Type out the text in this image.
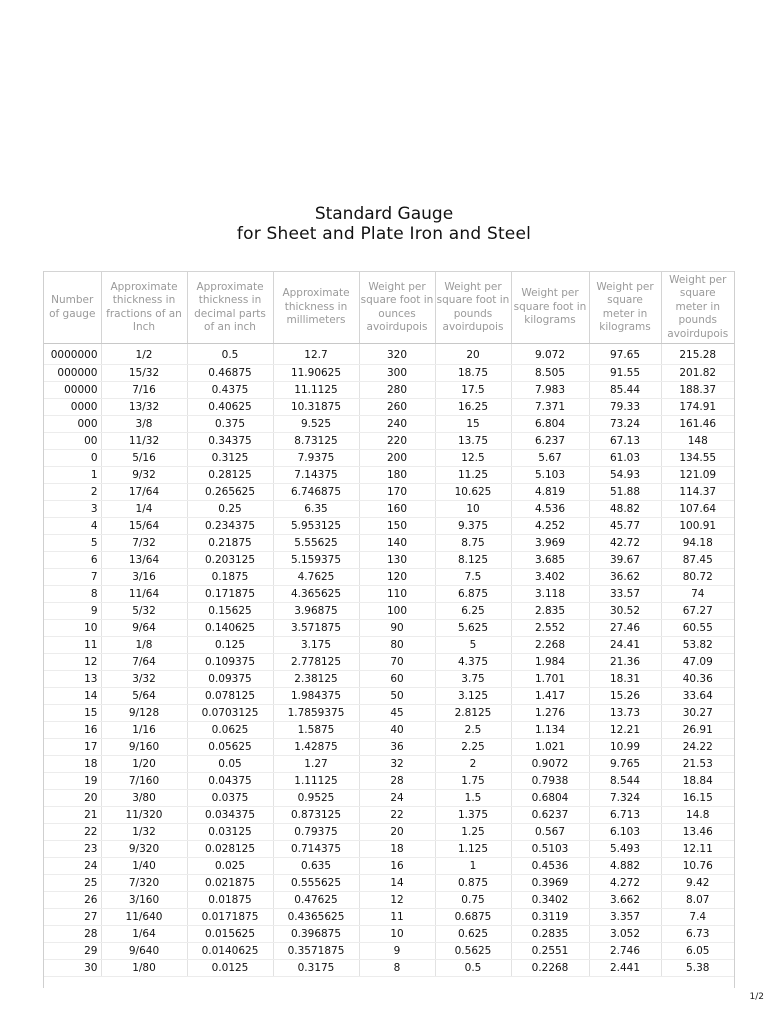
Standard Gauge
for Sheet and Plate Iron and Steel
Number of gauge	Approximate thickness in fractions of an Inch	Approximate thickness in decimal parts of an inch	Approximate thickness in millimeters	Weight per square foot in ounces avoirdupois	Weight per square foot in pounds avoirdupois	Weight per square foot in kilograms	Weight per square meter in kilograms	Weight per square meter in pounds avoirdupois
0000000	1/2	0.5	12.7	320	20	9.072	97.65	215.28
000000	15/32	0.46875	11.90625	300	18.75	8.505	91.55	201.82
00000	7/16	0.4375	11.1125	280	17.5	7.983	85.44	188.37
0000	13/32	0.40625	10.31875	260	16.25	7.371	79.33	174.91
000	3/8	0.375	9.525	240	15	6.804	73.24	161.46
00	11/32	0.34375	8.73125	220	13.75	6.237	67.13	148
0	5/16	0.3125	7.9375	200	12.5	5.67	61.03	134.55
1	9/32	0.28125	7.14375	180	11.25	5.103	54.93	121.09
2	17/64	0.265625	6.746875	170	10.625	4.819	51.88	114.37
3	1/4	0.25	6.35	160	10	4.536	48.82	107.64
4	15/64	0.234375	5.953125	150	9.375	4.252	45.77	100.91
5	7/32	0.21875	5.55625	140	8.75	3.969	42.72	94.18
6	13/64	0.203125	5.159375	130	8.125	3.685	39.67	87.45
7	3/16	0.1875	4.7625	120	7.5	3.402	36.62	80.72
8	11/64	0.171875	4.365625	110	6.875	3.118	33.57	74
9	5/32	0.15625	3.96875	100	6.25	2.835	30.52	67.27
10	9/64	0.140625	3.571875	90	5.625	2.552	27.46	60.55
11	1/8	0.125	3.175	80	5	2.268	24.41	53.82
12	7/64	0.109375	2.778125	70	4.375	1.984	21.36	47.09
13	3/32	0.09375	2.38125	60	3.75	1.701	18.31	40.36
14	5/64	0.078125	1.984375	50	3.125	1.417	15.26	33.64
15	9/128	0.0703125	1.7859375	45	2.8125	1.276	13.73	30.27
16	1/16	0.0625	1.5875	40	2.5	1.134	12.21	26.91
17	9/160	0.05625	1.42875	36	2.25	1.021	10.99	24.22
18	1/20	0.05	1.27	32	2	0.9072	9.765	21.53
19	7/160	0.04375	1.11125	28	1.75	0.7938	8.544	18.84
20	3/80	0.0375	0.9525	24	1.5	0.6804	7.324	16.15
21	11/320	0.034375	0.873125	22	1.375	0.6237	6.713	14.8
22	1/32	0.03125	0.79375	20	1.25	0.567	6.103	13.46
23	9/320	0.028125	0.714375	18	1.125	0.5103	5.493	12.11
24	1/40	0.025	0.635	16	1	0.4536	4.882	10.76
25	7/320	0.021875	0.555625	14	0.875	0.3969	4.272	9.42
26	3/160	0.01875	0.47625	12	0.75	0.3402	3.662	8.07
27	11/640	0.0171875	0.4365625	11	0.6875	0.3119	3.357	7.4
28	1/64	0.015625	0.396875	10	0.625	0.2835	3.052	6.73
29	9/640	0.0140625	0.3571875	9	0.5625	0.2551	2.746	6.05
30	1/80	0.0125	0.3175	8	0.5	0.2268	2.441	5.38
1/2
